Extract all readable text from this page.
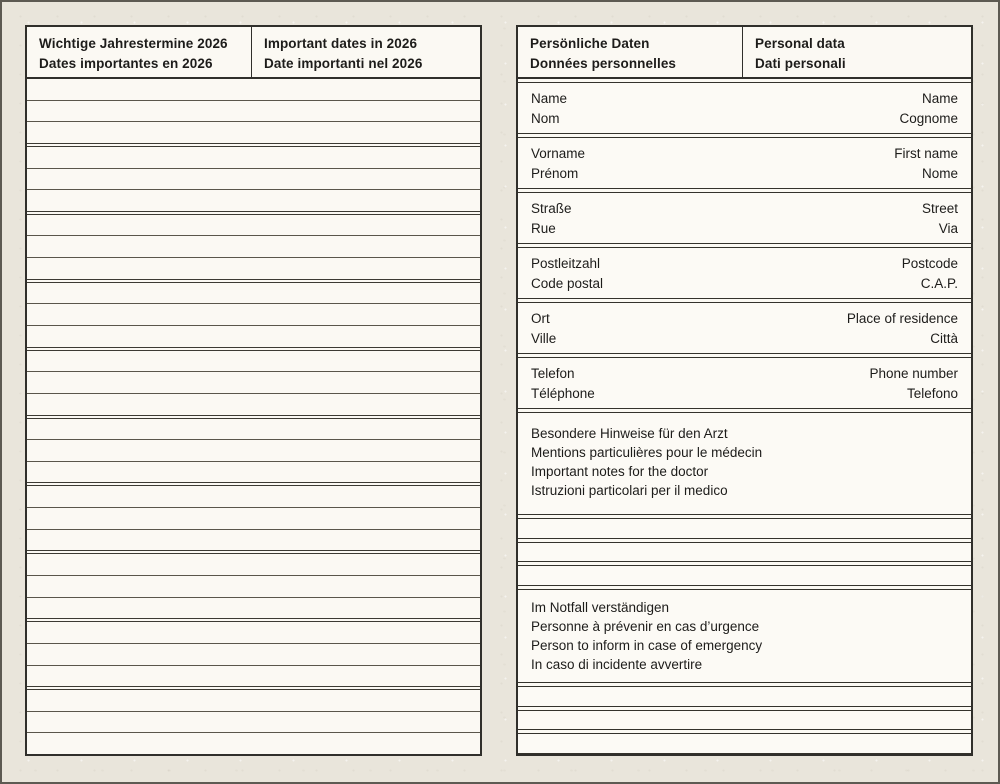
Wichtige Jahrestermine 2026
Dates importantes en 2026
Important dates in 2026
Date importanti nel 2026
Persönliche Daten
Données personnelles
Personal data
Dati personali
Name
Nom
Name
Cognome
Vorname
Prénom
First name
Nome
Straße
Rue
Street
Via
Postleitzahl
Code postal
Postcode
C.A.P.
Ort
Ville
Place of residence
Città
Telefon
Téléphone
Phone number
Telefono
Besondere Hinweise für den Arzt
Mentions particulières pour le médecin
Important notes for the doctor
Istruzioni particolari per il medico
Im Notfall verständigen
Personne à prévenir en cas d’urgence
Person to inform in case of emergency
In caso di incidente avvertire
